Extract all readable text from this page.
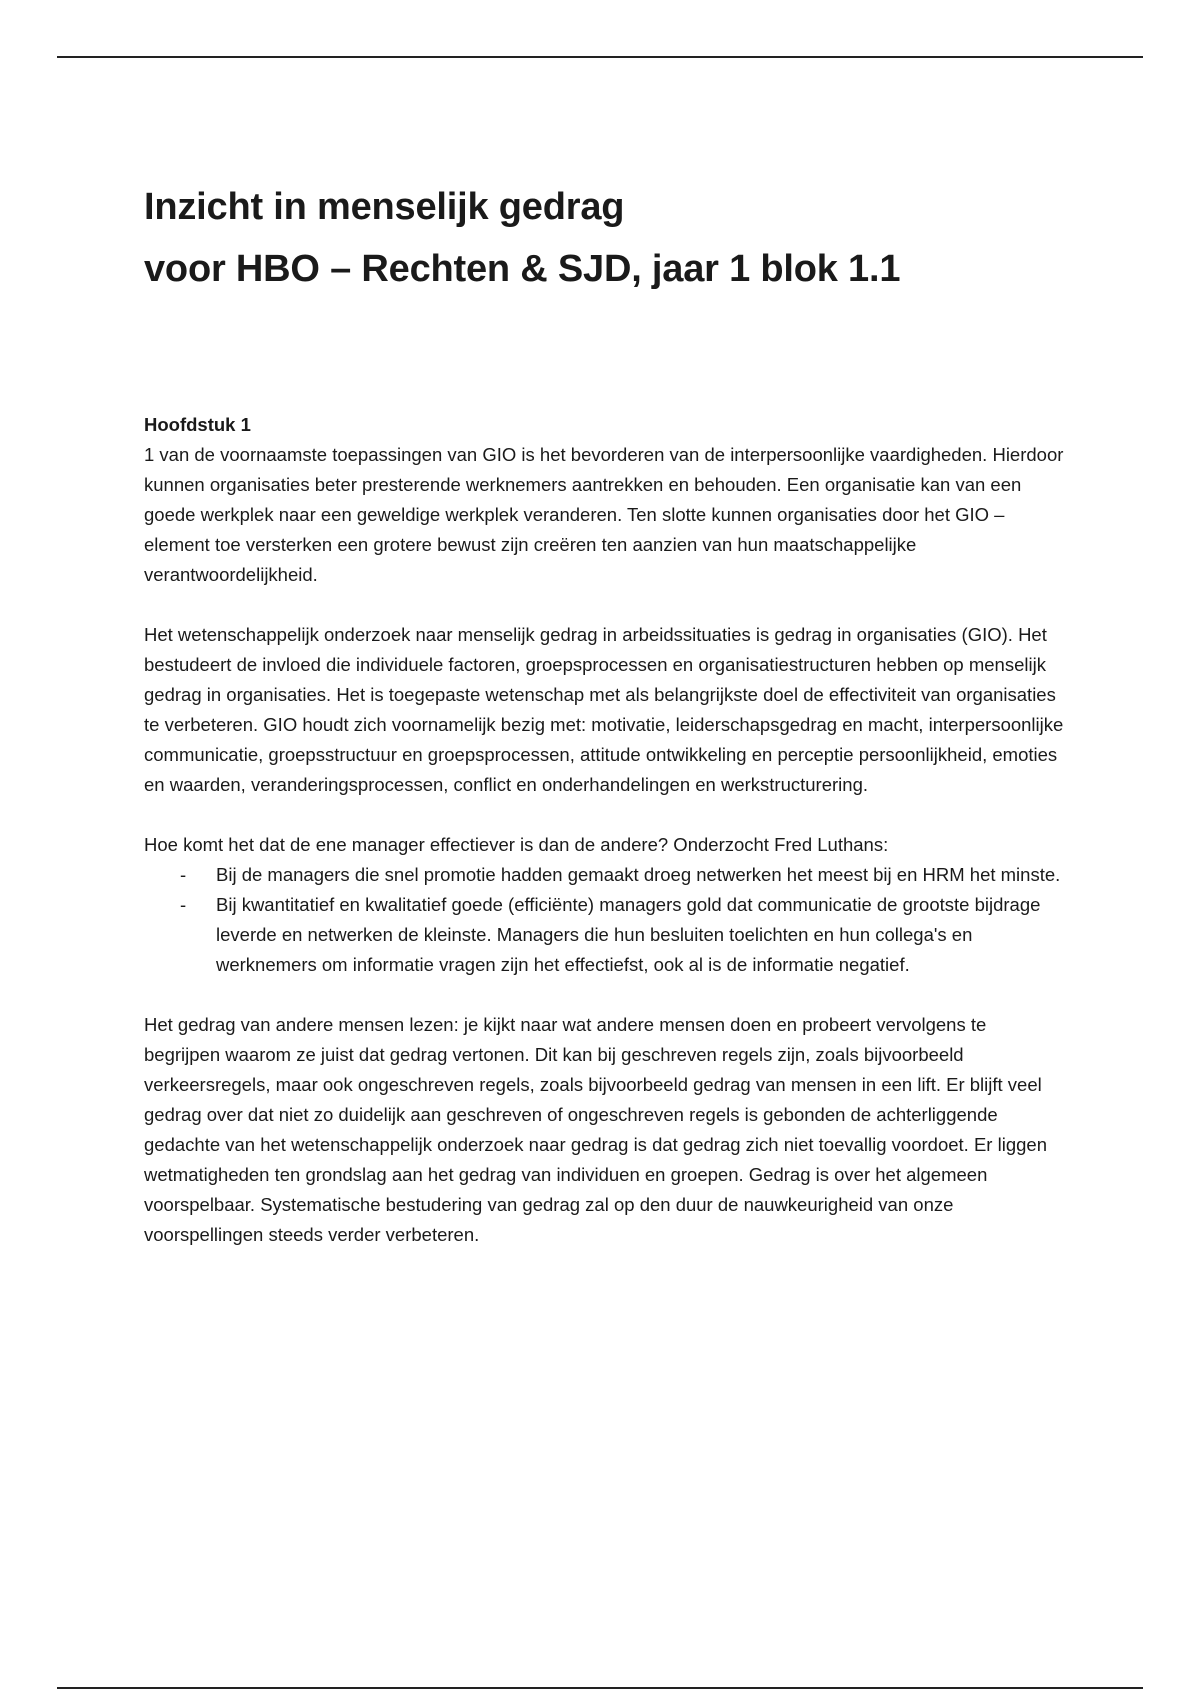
Inzicht in menselijk gedrag
voor HBO – Rechten & SJD, jaar 1 blok 1.1
Hoofdstuk 1

1 van de voornaamste toepassingen van GIO is het bevorderen van de interpersoonlijke vaardigheden. Hierdoor kunnen organisaties beter presterende werknemers aantrekken en behouden. Een organisatie kan van een goede werkplek naar een geweldige werkplek veranderen. Ten slotte kunnen organisaties door het GIO – element toe versterken een grotere bewust zijn creëren ten aanzien van hun maatschappelijke verantwoordelijkheid.

Het wetenschappelijk onderzoek naar menselijk gedrag in arbeidssituaties is gedrag in organisaties (GIO). Het bestudeert de invloed die individuele factoren, groepsprocessen en organisatiestructuren hebben op menselijk gedrag in organisaties. Het is toegepaste wetenschap met als belangrijkste doel de effectiviteit van organisaties te verbeteren. GIO houdt zich voornamelijk bezig met: motivatie, leiderschapsgedrag en macht, interpersoonlijke communicatie, groepsstructuur en groepsprocessen, attitude ontwikkeling en perceptie persoonlijkheid, emoties en waarden, veranderingsprocessen, conflict en onderhandelingen en werkstructurering.

Hoe komt het dat de ene manager effectiever is dan de andere? Onderzocht Fred Luthans:

- Bij de managers die snel promotie hadden gemaakt droeg netwerken het meest bij en HRM het minste.
- Bij kwantitatief en kwalitatief goede (efficiënte) managers gold dat communicatie de grootste bijdrage leverde en netwerken de kleinste. Managers die hun besluiten toelichten en hun collega's en werknemers om informatie vragen zijn het effectiefst, ook al is de informatie negatief.

Het gedrag van andere mensen lezen: je kijkt naar wat andere mensen doen en probeert vervolgens te begrijpen waarom ze juist dat gedrag vertonen. Dit kan bij geschreven regels zijn, zoals bijvoorbeeld verkeersregels, maar ook ongeschreven regels, zoals bijvoorbeeld gedrag van mensen in een lift. Er blijft veel gedrag over dat niet zo duidelijk aan geschreven of ongeschreven regels is gebonden de achterliggende gedachte van het wetenschappelijk onderzoek naar gedrag is dat gedrag zich niet toevallig voordoet. Er liggen wetmatigheden ten grondslag aan het gedrag van individuen en groepen. Gedrag is over het algemeen voorspelbaar. Systematische bestudering van gedrag zal op den duur de nauwkeurigheid van onze voorspellingen steeds verder verbeteren.
